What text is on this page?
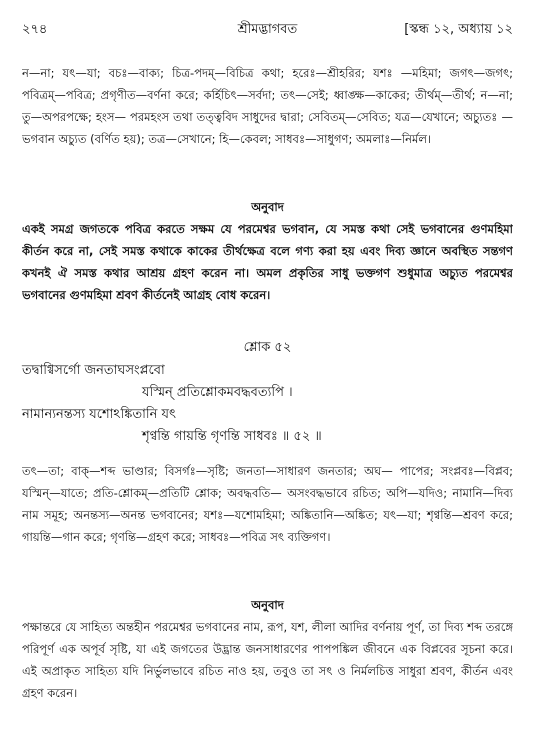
২৭৪	শ্রীমদ্ভাগবত	[স্কন্ধ ১২, অধ্যায় ১২

ন—না; যৎ—যা; বচঃ—বাক্য; চিত্র-পদম্—বিচিত্র কথা; হরেঃ—শ্রীহরির; যশঃ —মহিমা; জগৎ—জগৎ; পবিত্রম্—পবিত্র; প্রগৃণীত—বর্ণনা করে; কর্হিচিৎ—সর্বদা; তৎ—সেই; ধ্বাঙ্ক্ষ—কাকের; তীর্থম্—তীর্থ; ন—না; তু—অপরপক্ষে; হংস— পরমহংস তথা তত্ত্ববিদ সাধুদের দ্বারা; সেবিতম্—সেবিত; যত্র—যেখানে; অচ্যুতঃ —ভগবান অচ্যুত (বর্ণিত হয়); তত্র—সেখানে; হি—কেবল; সাধবঃ—সাধুগণ; অমলাঃ—নির্মল।

অনুবাদ

একই সমগ্র জগতকে পবিত্র করতে সক্ষম যে পরমেশ্বর ভগবান, যে সমস্ত কথা সেই ভগবানের গুণমহিমা কীর্তন করে না, সেই সমস্ত কথাকে কাকের তীর্থক্ষেত্র বলে গণ্য করা হয় এবং দিব্য জ্ঞানে অবস্থিত সন্তগণ কখনই ঐ সমস্ত কথার আশ্রয় গ্রহণ করেন না। অমল প্রকৃতির সাধু ভক্তগণ শুধুমাত্র অচ্যুত পরমেশ্বর ভগবানের গুণমহিমা শ্রবণ কীর্তনেই আগ্রহ বোধ করেন।

শ্লোক ৫২
তদ্বাগ্বিসর্গো জনতাঘসংপ্লবো
যস্মিন্ প্রতিশ্লোকমবদ্ধবত্যপি ।
নামান্যনন্তস্য যশোঽঙ্কিতানি যৎ
শৃণ্বন্তি গায়ন্তি গৃণন্তি সাধবঃ ॥ ৫২ ॥

তৎ—তা; বাক্—শব্দ ভাণ্ডার; বিসর্গঃ—সৃষ্টি; জনতা—সাধারণ জনতার; অঘ— পাপের; সংপ্লবঃ—বিপ্লব; যস্মিন্—যাতে; প্রতি-শ্লোকম্—প্রতিটি শ্লোক; অবদ্ধবতি— অসংবদ্ধভাবে রচিত; অপি—যদিও; নামানি—দিব্য নাম সমূহ; অনন্তস্য—অনন্ত ভগবানের; যশঃ—যশোমহিমা; অঙ্কিতানি—অঙ্কিত; যৎ—যা; শৃণ্বন্তি—শ্রবণ করে; গায়ন্তি—গান করে; গৃণন্তি—গ্রহণ করে; সাধবঃ—পবিত্র সৎ ব্যক্তিগণ।

অনুবাদ

পক্ষান্তরে যে সাহিত্য অন্তহীন পরমেশ্বর ভগবানের নাম, রূপ, যশ, লীলা আদির বর্ণনায় পূর্ণ, তা দিব্য শব্দ তরঙ্গে পরিপূর্ণ এক অপূর্ব সৃষ্টি, যা এই জগতের উদ্ভ্রান্ত জনসাধারণের পাপপঙ্কিল জীবনে এক বিপ্লবের সূচনা করে। এই অপ্রাকৃত সাহিত্য যদি নির্ভুলভাবে রচিত নাও হয়, তবুও তা সৎ ও নির্মলচিত্ত সাধুরা শ্রবণ, কীর্তন এবং গ্রহণ করেন।
